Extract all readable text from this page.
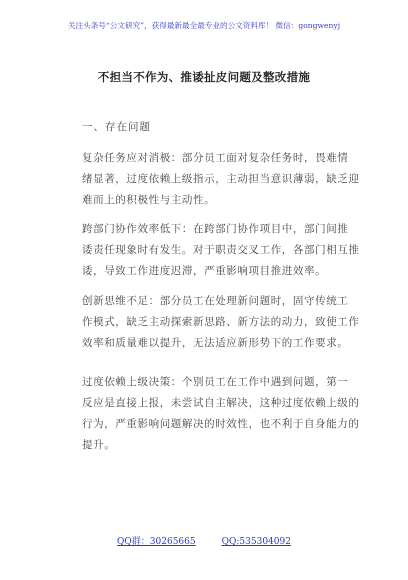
关注头条号“公文研究”，获得最新最全最专业的公文资料库！ 微信：gongwenyj
不担当不作为、推诿扯皮问题及整改措施
一、存在问题
复杂任务应对消极：部分员工面对复杂任务时，畏难情
绪显著，过度依赖上级指示，主动担当意识薄弱，缺乏迎
难而上的积极性与主动性。
跨部门协作效率低下：在跨部门协作项目中，部门间推
诿责任现象时有发生。对于职责交叉工作，各部门相互推
诿，导致工作进度迟滞，严重影响项目推进效率。
创新思维不足：部分员工在处理新问题时，固守传统工
作模式，缺乏主动探索新思路、新方法的动力，致使工作
效率和质量难以提升，无法适应新形势下的工作要求。
过度依赖上级决策：个别员工在工作中遇到问题，第一
反应是直接上报，未尝试自主解决，这种过度依赖上级的
行为，严重影响问题解决的时效性，也不利于自身能力的
提升。
QQ群：30265665	QQ:535304092
